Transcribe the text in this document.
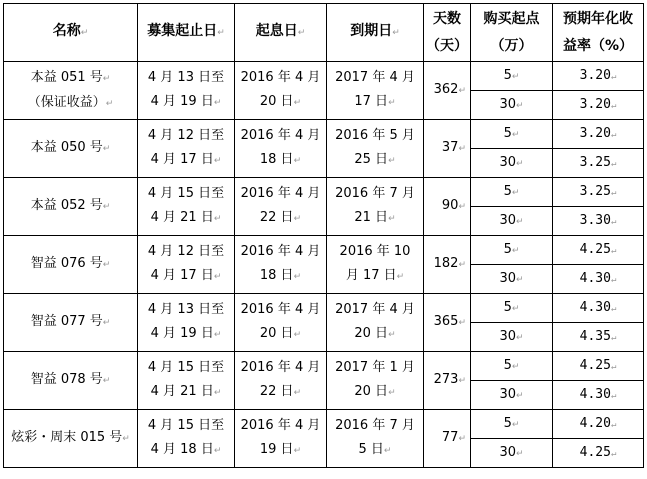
名称↵	募集起止日↵	起息日↵	到期日↵	天数
（天）	购买起点
（万）	预期年化收
益率（%）
本益 051 号↵
（保证收益）↵	4 月 13 日至
4 月 19 日↵	2016 年 4 月
20 日↵	2017 年 4 月
17 日↵	362↵	5↵	3.20↵
					30↵	3.20↵
本益 050 号↵	4 月 12 日至
4 月 17 日↵	2016 年 4 月
18 日↵	2016 年 5 月
25 日↵	37↵	5↵	3.20↵
					30↵	3.25↵
本益 052 号↵	4 月 15 日至
4 月 21 日↵	2016 年 4 月
22 日↵	2016 年 7 月
21 日↵	90↵	5↵	3.25↵
					30↵	3.30↵
智益 076 号↵	4 月 12 日至
4 月 17 日↵	2016 年 4 月
18 日↵	2016 年 10
月 17 日↵	182↵	5↵	4.25↵
					30↵	4.30↵
智益 077 号↵	4 月 13 日至
4 月 19 日↵	2016 年 4 月
20 日↵	2017 年 4 月
20 日↵	365↵	5↵	4.30↵
					30↵	4.35↵
智益 078 号↵	4 月 15 日至
4 月 21 日↵	2016 年 4 月
22 日↵	2017 年 1 月
20 日↵	273↵	5↵	4.25↵
					30↵	4.30↵
炫彩・周末 015 号↵	4 月 15 日至
4 月 18 日↵	2016 年 4 月
19 日↵	2016 年 7 月
5 日↵	77↵	5↵	4.20↵
					30↵	4.25↵
